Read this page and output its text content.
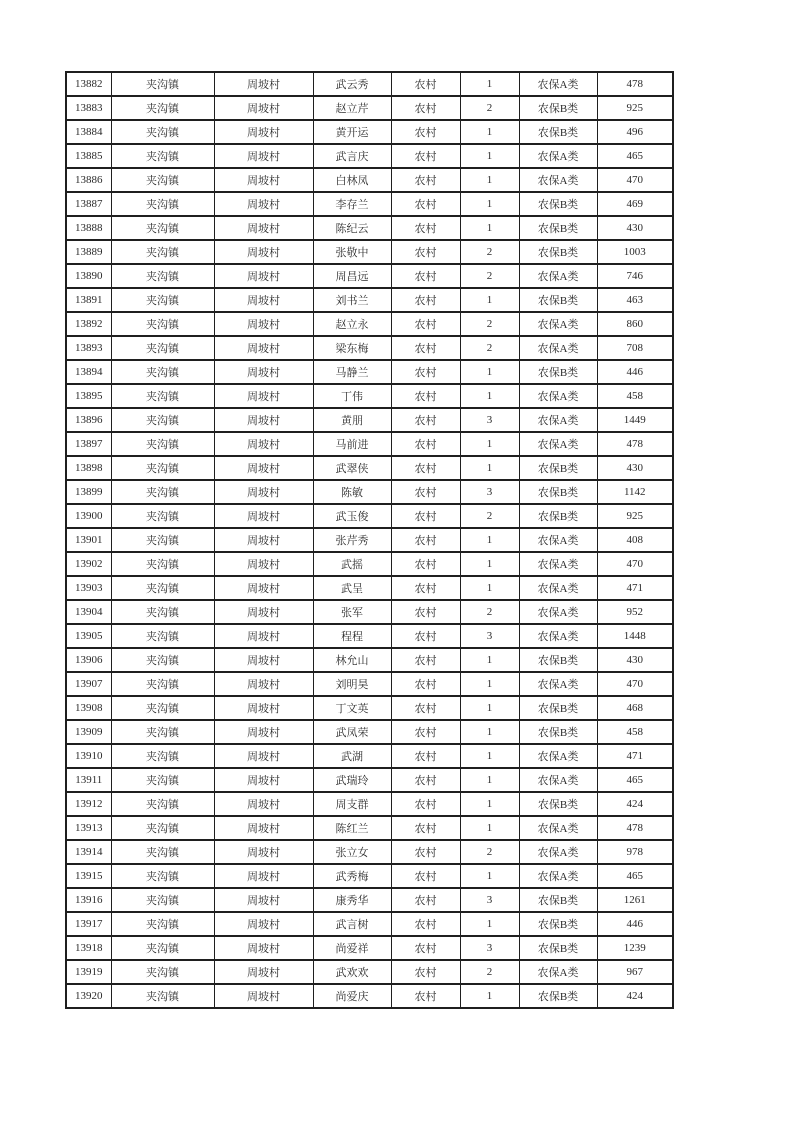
13882	夹沟镇	周坡村	武云秀	农村	1	农保A类	478
13883	夹沟镇	周坡村	赵立芹	农村	2	农保B类	925
13884	夹沟镇	周坡村	黄开运	农村	1	农保B类	496
13885	夹沟镇	周坡村	武言庆	农村	1	农保A类	465
13886	夹沟镇	周坡村	白林凤	农村	1	农保A类	470
13887	夹沟镇	周坡村	李存兰	农村	1	农保B类	469
13888	夹沟镇	周坡村	陈纪云	农村	1	农保B类	430
13889	夹沟镇	周坡村	张敬中	农村	2	农保B类	1003
13890	夹沟镇	周坡村	周昌远	农村	2	农保A类	746
13891	夹沟镇	周坡村	刘书兰	农村	1	农保B类	463
13892	夹沟镇	周坡村	赵立永	农村	2	农保A类	860
13893	夹沟镇	周坡村	梁东梅	农村	2	农保A类	708
13894	夹沟镇	周坡村	马静兰	农村	1	农保B类	446
13895	夹沟镇	周坡村	丁伟	农村	1	农保A类	458
13896	夹沟镇	周坡村	黄朋	农村	3	农保A类	1449
13897	夹沟镇	周坡村	马前进	农村	1	农保A类	478
13898	夹沟镇	周坡村	武翠侠	农村	1	农保B类	430
13899	夹沟镇	周坡村	陈敏	农村	3	农保B类	1142
13900	夹沟镇	周坡村	武玉俊	农村	2	农保B类	925
13901	夹沟镇	周坡村	张芹秀	农村	1	农保A类	408
13902	夹沟镇	周坡村	武摇	农村	1	农保A类	470
13903	夹沟镇	周坡村	武呈	农村	1	农保A类	471
13904	夹沟镇	周坡村	张军	农村	2	农保A类	952
13905	夹沟镇	周坡村	程程	农村	3	农保A类	1448
13906	夹沟镇	周坡村	林允山	农村	1	农保B类	430
13907	夹沟镇	周坡村	刘明昊	农村	1	农保A类	470
13908	夹沟镇	周坡村	丁文英	农村	1	农保B类	468
13909	夹沟镇	周坡村	武凤荣	农村	1	农保B类	458
13910	夹沟镇	周坡村	武湖	农村	1	农保A类	471
13911	夹沟镇	周坡村	武瑞玲	农村	1	农保A类	465
13912	夹沟镇	周坡村	周支群	农村	1	农保B类	424
13913	夹沟镇	周坡村	陈红兰	农村	1	农保A类	478
13914	夹沟镇	周坡村	张立女	农村	2	农保A类	978
13915	夹沟镇	周坡村	武秀梅	农村	1	农保A类	465
13916	夹沟镇	周坡村	康秀华	农村	3	农保B类	1261
13917	夹沟镇	周坡村	武言树	农村	1	农保B类	446
13918	夹沟镇	周坡村	尚爱祥	农村	3	农保B类	1239
13919	夹沟镇	周坡村	武欢欢	农村	2	农保A类	967
13920	夹沟镇	周坡村	尚爱庆	农村	1	农保B类	424
